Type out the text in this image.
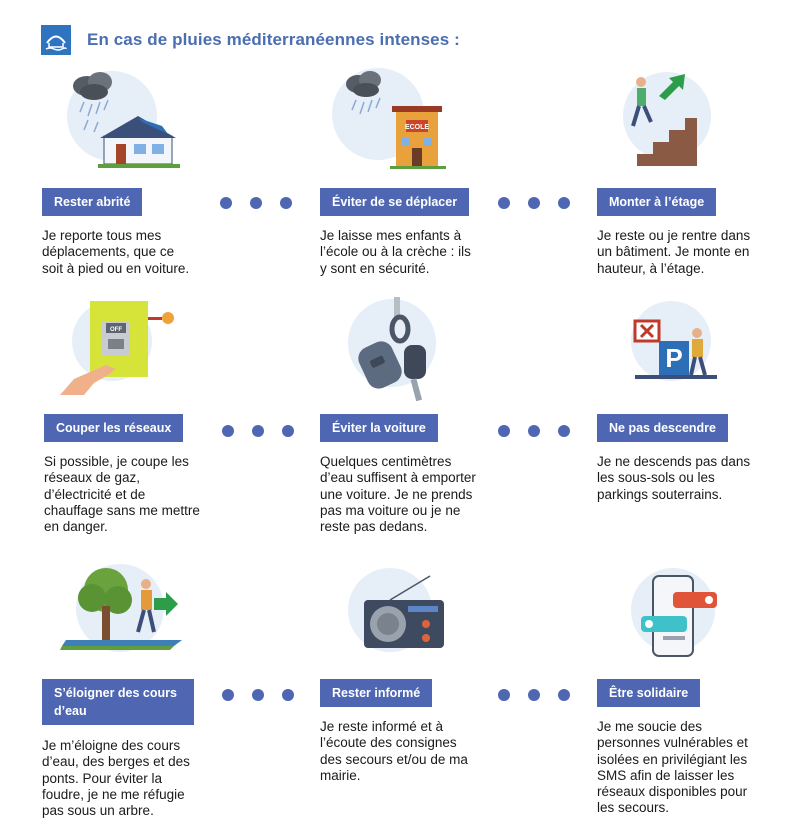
En cas de pluies méditerranéennes intenses :
Rester abrité
Je reporte tous mes déplacements, que ce soit à pied ou en voiture.
ECOLE
Éviter de se déplacer
Je laisse mes enfants à l’école ou à la crèche : ils y sont en sécurité.
Monter à l’étage
Je reste ou je rentre dans un bâtiment. Je monte en hauteur, à l’étage.
OFF
Couper les réseaux
Si possible, je coupe les réseaux de gaz, d’électricité et de chauffage sans me mettre en danger.
Éviter la voiture
Quelques centimètres d’eau suffisent à emporter une voiture. Je ne prends pas ma voiture ou je ne reste pas dedans.
P
Ne pas descendre
Je ne descends pas dans les sous-sols ou les parkings souterrains.
S’éloigner des cours d’eau
Je m’éloigne des cours d’eau, des berges et des ponts. Pour éviter la foudre, je ne me réfugie pas sous un arbre.
Rester informé
Je reste informé et à l’écoute des consignes des secours et/ou de ma mairie.
Être solidaire
Je me soucie des personnes vulnérables et isolées en privilégiant les SMS afin de laisser les réseaux disponibles pour les secours.
